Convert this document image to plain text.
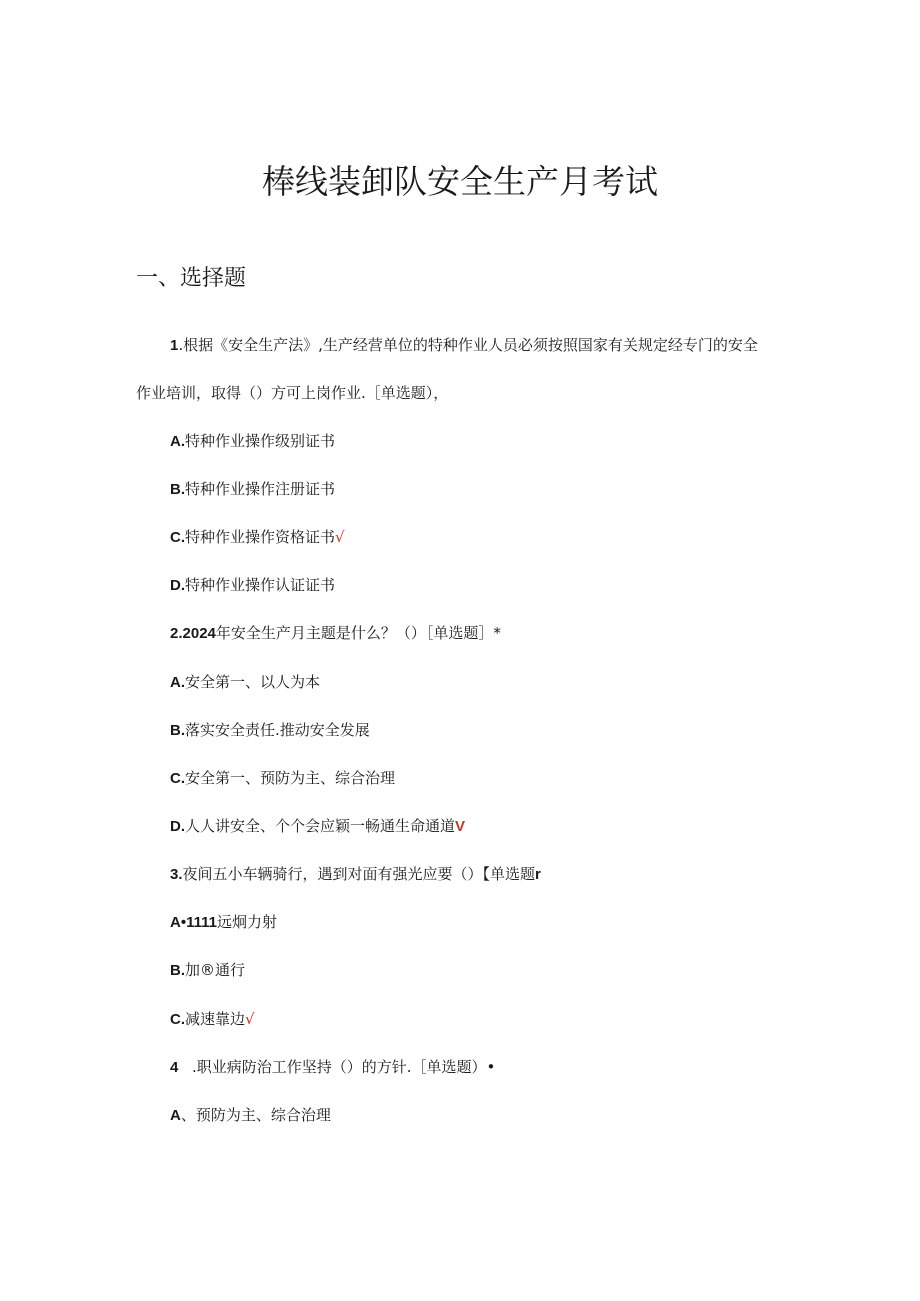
棒线装卸队安全生产月考试
一、选择题
1.根据《安全生产法》,生产经营单位的特种作业人员必须按照国家有关规定经专门的安全
作业培训，取得（）方可上岗作业.［单选题），
A.特种作业操作级别证书
B.特种作业操作注册证书
C.特种作业操作资格证书√
D.特种作业操作认证证书
2.2024年安全生产月主题是什么？（）［单选题］*
A.安全第一、以人为本
B.落实安全责任.推动安全发展
C.安全第一、预防为主、综合治理
D.人人讲安全、个个会应颖一畅通生命通道V
3.夜间五小车辆骑行，遇到对面有强光应要（）【单选题r
A•1111远炯力射
B.加®通行
C.减速靠边√
4 .职业病防治工作坚持（）的方针.［单选题）•
A、预防为主、综合治理
